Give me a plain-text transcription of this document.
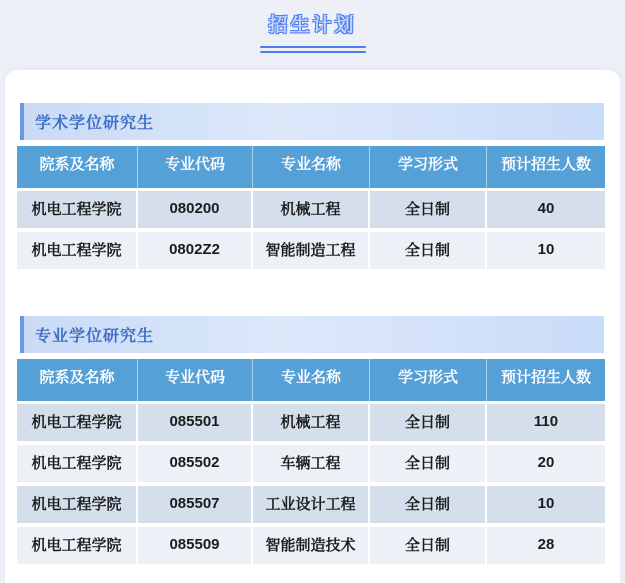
招生计划
学术学位研究生
院系及名称	专业代码	专业名称	学习形式	预计招生人数
机电工程学院	080200	机械工程	全日制	40
机电工程学院	0802Z2	智能制造工程	全日制	10
专业学位研究生
院系及名称	专业代码	专业名称	学习形式	预计招生人数
机电工程学院	085501	机械工程	全日制	110
机电工程学院	085502	车辆工程	全日制	20
机电工程学院	085507	工业设计工程	全日制	10
机电工程学院	085509	智能制造技术	全日制	28
